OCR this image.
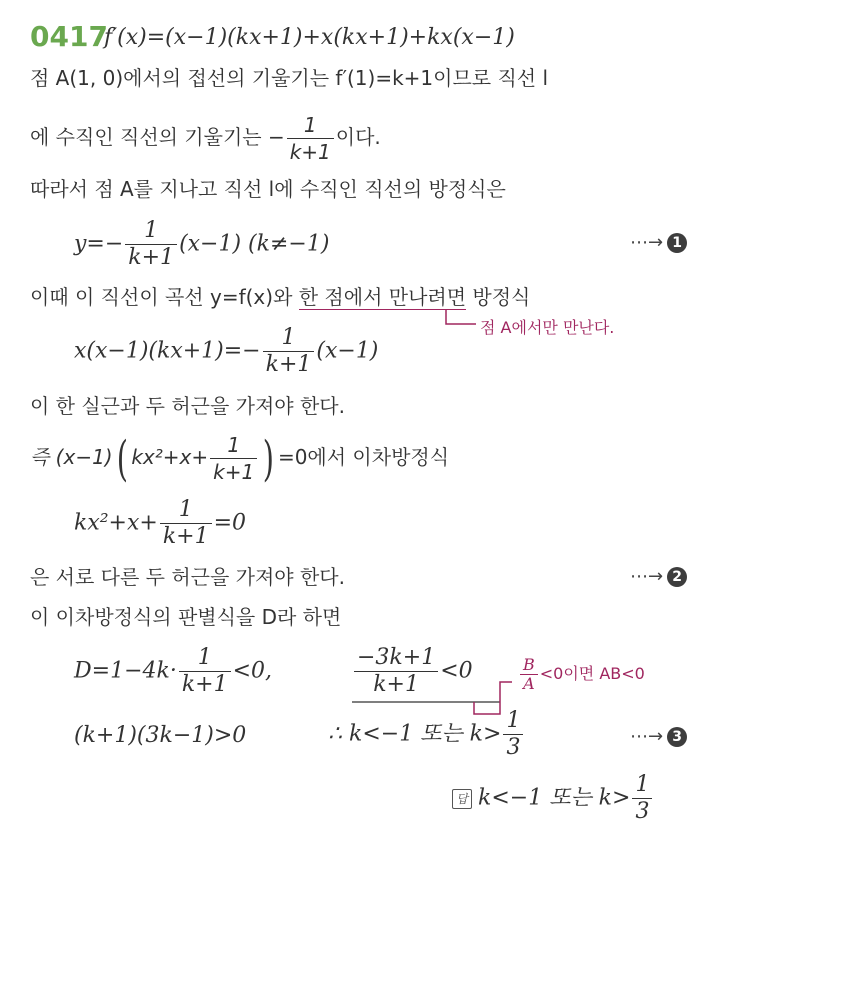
0417
f′(x)=(x−1)(kx+1)+x(kx+1)+kx(x−1)
점 A(1, 0)에서의 접선의 기울기는 f′(1)=k+1이므로 직선 l
에 수직인 직선의 기울기는 − $\frac{1}{k+1}$ 이다.
따라서 점 A를 지나고 직선 l에 수직인 직선의 방정식은
$y=- \frac{1}{k+1} (x-1)$ (k≠−1)	⋯→ 1
이때 이 직선이 곡선 y=f(x)와 한 점에서 만나려면 방정식
점 A에서만 만난다.
$x(x-1)(kx+1)=- \frac{1}{k+1} (x-1)$
이 한 실근과 두 허근을 가져야 한다.
즉 (x−1)( $kx^2+x+ \frac{1}{k+1}$ ) =0에서 이차방정식
$kx^2+x+ \frac{1}{k+1} =0$
은 서로 다른 두 허근을 가져야 한다.	⋯→ 2
이 이차방정식의 판별식을 D라 하면
$D=1-4k\cdot \frac{1}{k+1} <0$,	$\frac{-3k+1}{k+1} <0$	$\frac{B}{A} <0$이면 AB<0
(k+1)(3k−1)>0	∴ k<−1 또는 $k> \frac{1}{3}$	⋯→ 3
답 k<−1 또는 $k> \frac{1}{3}$
